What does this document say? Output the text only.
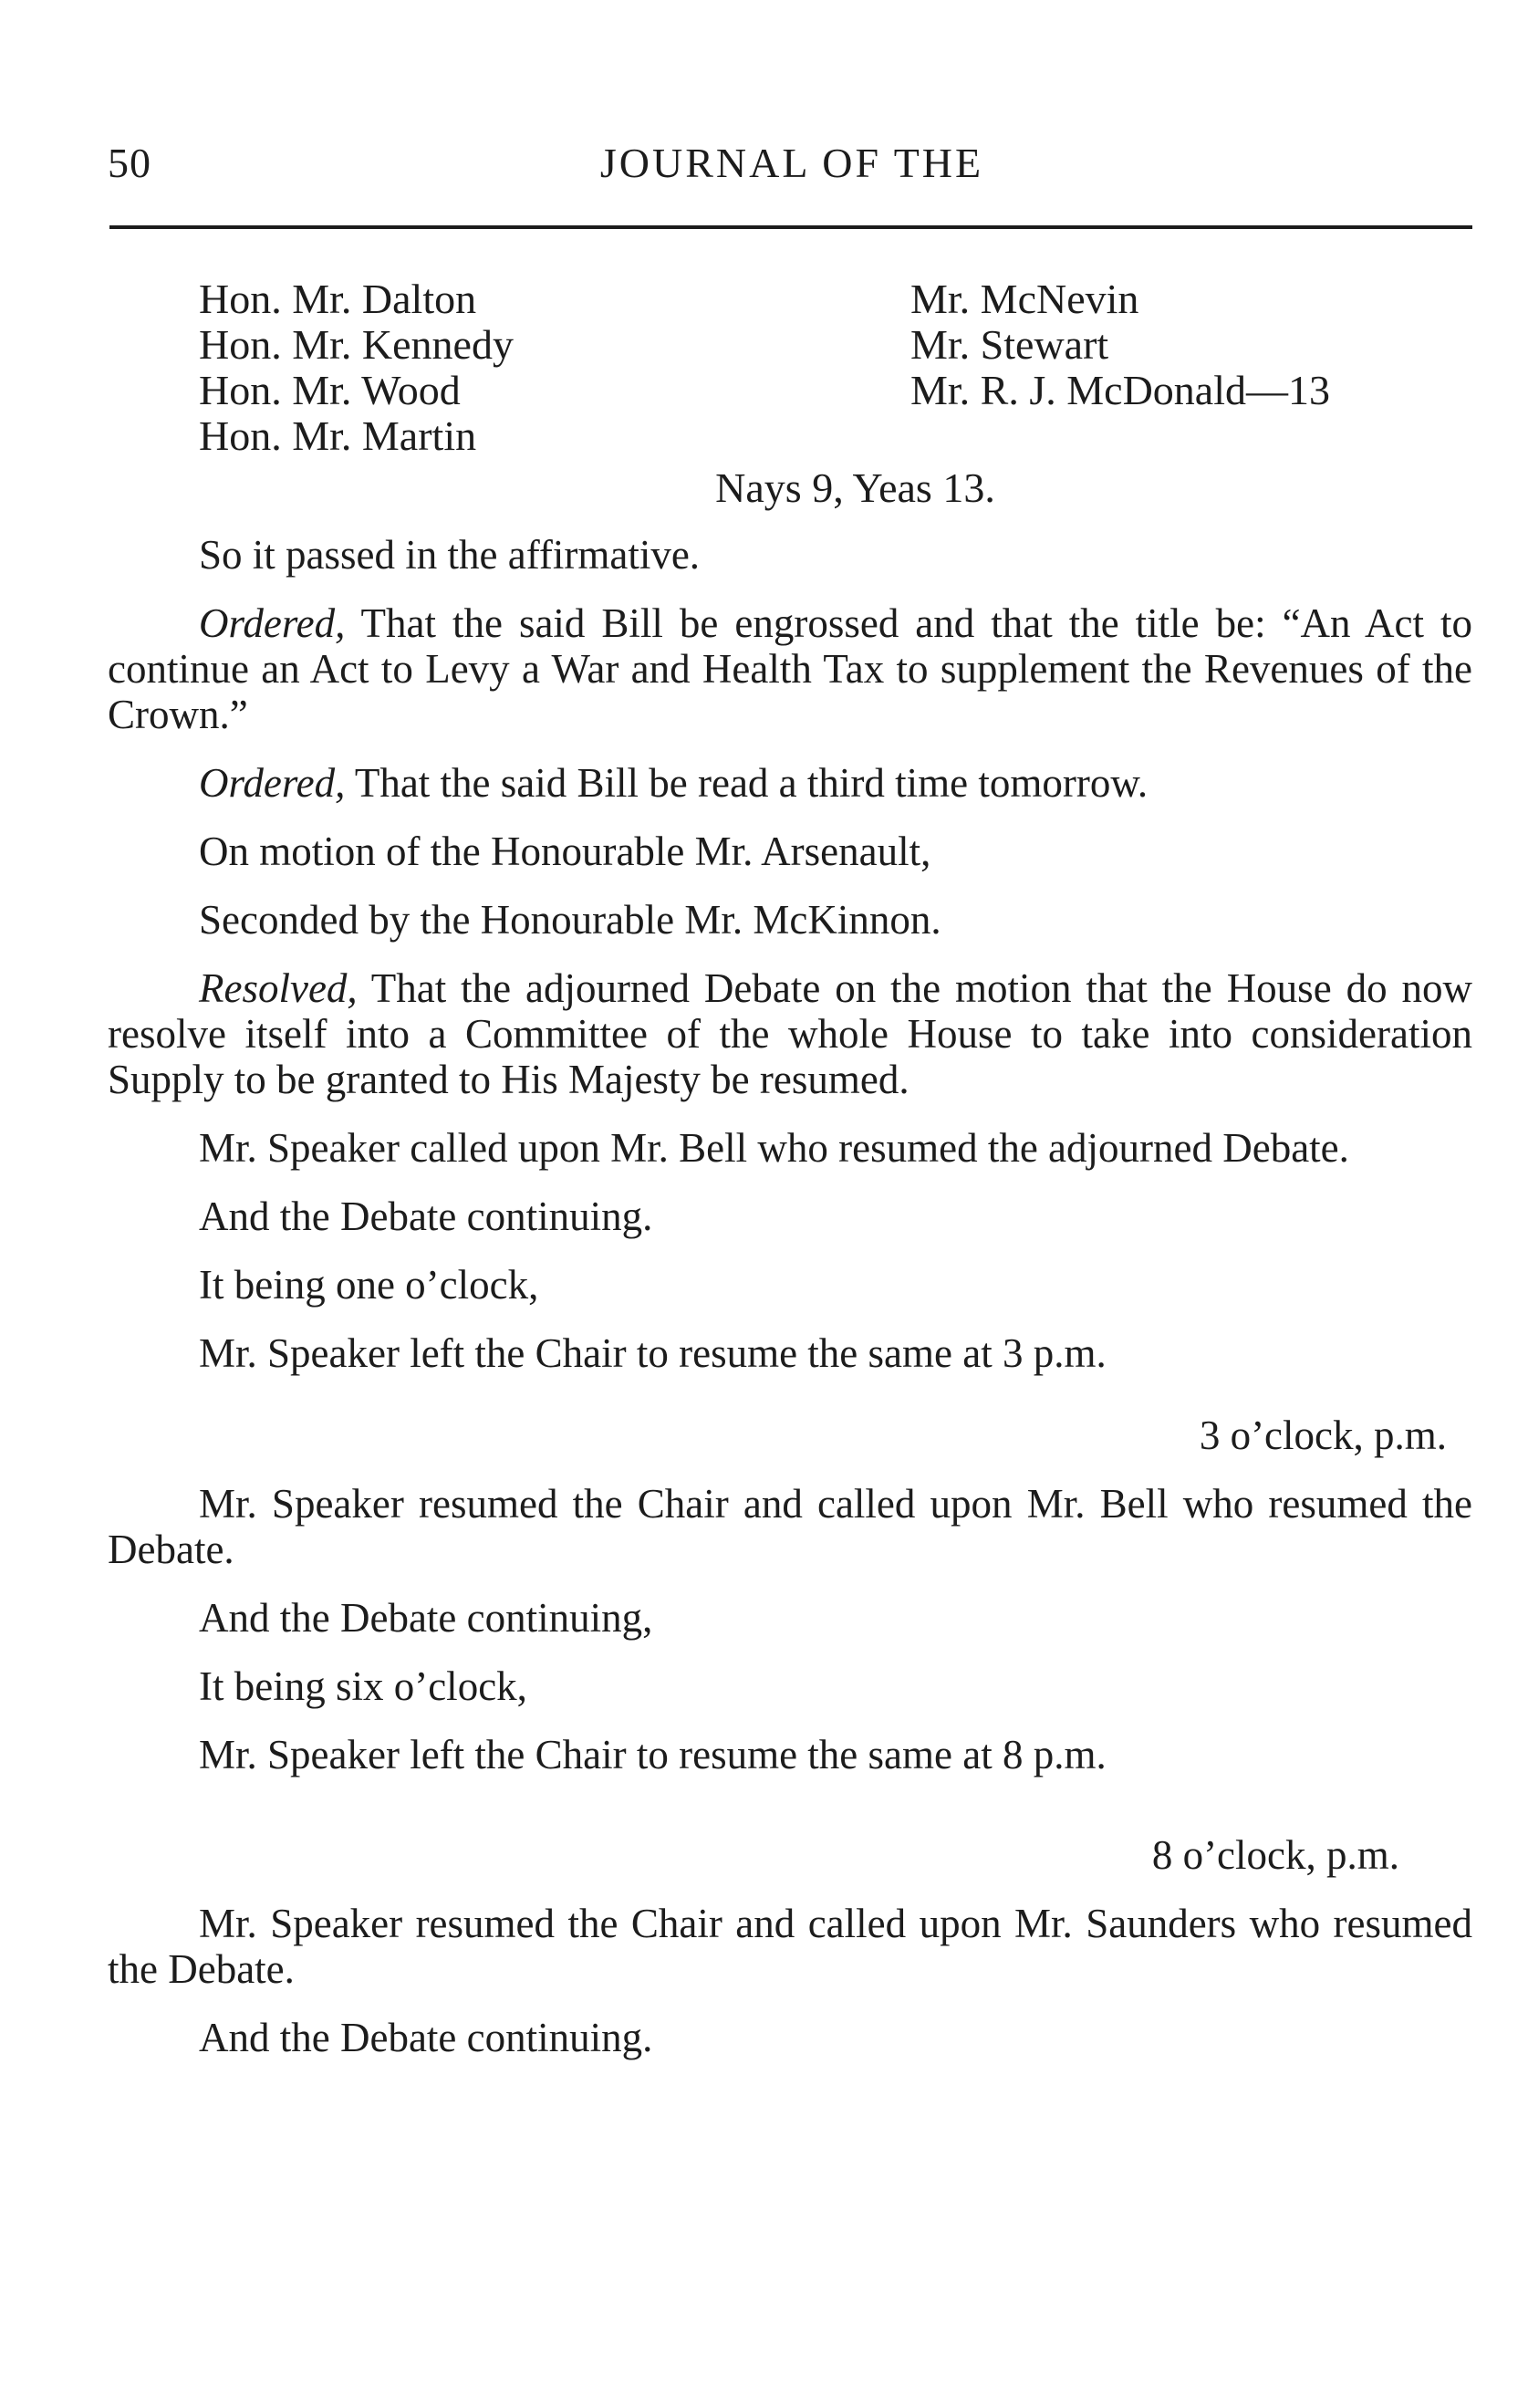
50	JOURNAL OF THE
Hon. Mr. Dalton
Hon. Mr. Kennedy
Hon. Mr. Wood
Hon. Mr. Martin
Mr. McNevin
Mr. Stewart
Mr. R. J. McDonald—13
Nays 9, Yeas 13.

So it passed in the affirmative.

Ordered, That the said Bill be engrossed and that the title be: “An Act to continue an Act to Levy a War and Health Tax to supplement the Revenues of the Crown.”

Ordered, That the said Bill be read a third time tomorrow.

On motion of the Honourable Mr. Arsenault,

Seconded by the Honourable Mr. McKinnon.

Resolved, That the adjourned Debate on the motion that the House do now resolve itself into a Committee of the whole House to take into consideration Supply to be granted to His Majesty be resumed.

Mr. Speaker called upon Mr. Bell who resumed the adjourned Debate.

And the Debate continuing.

It being one o’clock,

Mr. Speaker left the Chair to resume the same at 3 p.m.

3 o’clock, p.m.

Mr. Speaker resumed the Chair and called upon Mr. Bell who resumed the Debate.

And the Debate continuing,

It being six o’clock,

Mr. Speaker left the Chair to resume the same at 8 p.m.

8 o’clock, p.m.

Mr. Speaker resumed the Chair and called upon Mr. Saunders who resumed the Debate.

And the Debate continuing.
